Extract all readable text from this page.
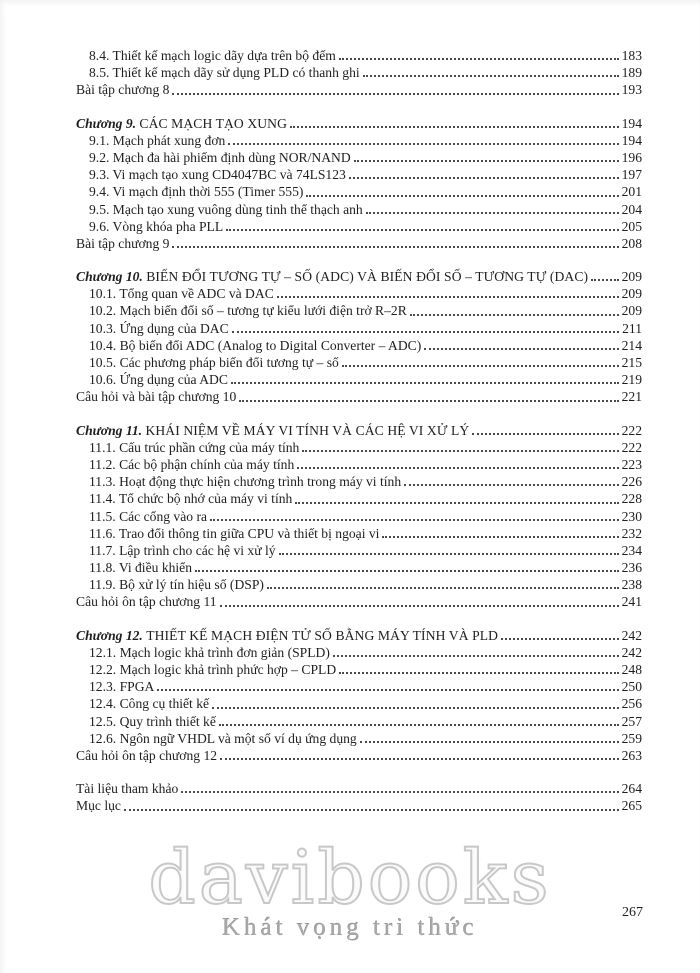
8.4. Thiết kế mạch logic dãy dựa trên bộ đếm	183
8.5. Thiết kế mạch dãy sử dụng PLD có thanh ghi	189
Bài tập chương 8	193
Chương 9. CÁC MẠCH TẠO XUNG	194
9.1. Mạch phát xung đơn	194
9.2. Mạch đa hài phiếm định dùng NOR/NAND	196
9.3. Vi mạch tạo xung CD4047BC và 74LS123	197
9.4. Vi mạch định thời 555 (Timer 555)	201
9.5. Mạch tạo xung vuông dùng tinh thể thạch anh	204
9.6. Vòng khóa pha PLL	205
Bài tập chương 9	208
Chương 10. BIẾN ĐỔI TƯƠNG TỰ – SỐ (ADC) VÀ BIẾN ĐỔI SỐ – TƯƠNG TỰ (DAC) 209
10.1. Tổng quan về ADC và DAC	209
10.2. Mạch biến đổi số – tương tự kiểu lưới điện trở R–2R	209
10.3. Ứng dụng của DAC	211
10.4. Bộ biến đổi ADC (Analog to Digital Converter – ADC)	214
10.5. Các phương pháp biến đổi tương tự – số	215
10.6. Ứng dụng của ADC	219
Câu hỏi và bài tập chương 10	221
Chương 11. KHÁI NIỆM VỀ MÁY VI TÍNH VÀ CÁC HỆ VI XỬ LÝ	222
11.1. Cấu trúc phần cứng của máy tính	222
11.2. Các bộ phận chính của máy tính	223
11.3. Hoạt động thực hiện chương trình trong máy vi tính	226
11.4. Tổ chức bộ nhớ của máy vi tính	228
11.5. Các cổng vào ra	230
11.6. Trao đổi thông tin giữa CPU và thiết bị ngoại vi	232
11.7. Lập trình cho các hệ vi xử lý	234
11.8. Vi điều khiển	236
11.9. Bộ xử lý tín hiệu số (DSP)	238
Câu hỏi ôn tập chương 11	241
Chương 12. THIẾT KẾ MẠCH ĐIỆN TỬ SỐ BẰNG MÁY TÍNH VÀ PLD	242
12.1. Mạch logic khả trình đơn giản (SPLD)	242
12.2. Mạch logic khả trình phức hợp – CPLD	248
12.3. FPGA	250
12.4. Công cụ thiết kế	256
12.5. Quy trình thiết kế	257
12.6. Ngôn ngữ VHDL và một số ví dụ ứng dụng	259
Câu hỏi ôn tập chương 12	263
Tài liệu tham khảo	264
Mục lục	265
davibooks
Khát vọng tri thức
267
